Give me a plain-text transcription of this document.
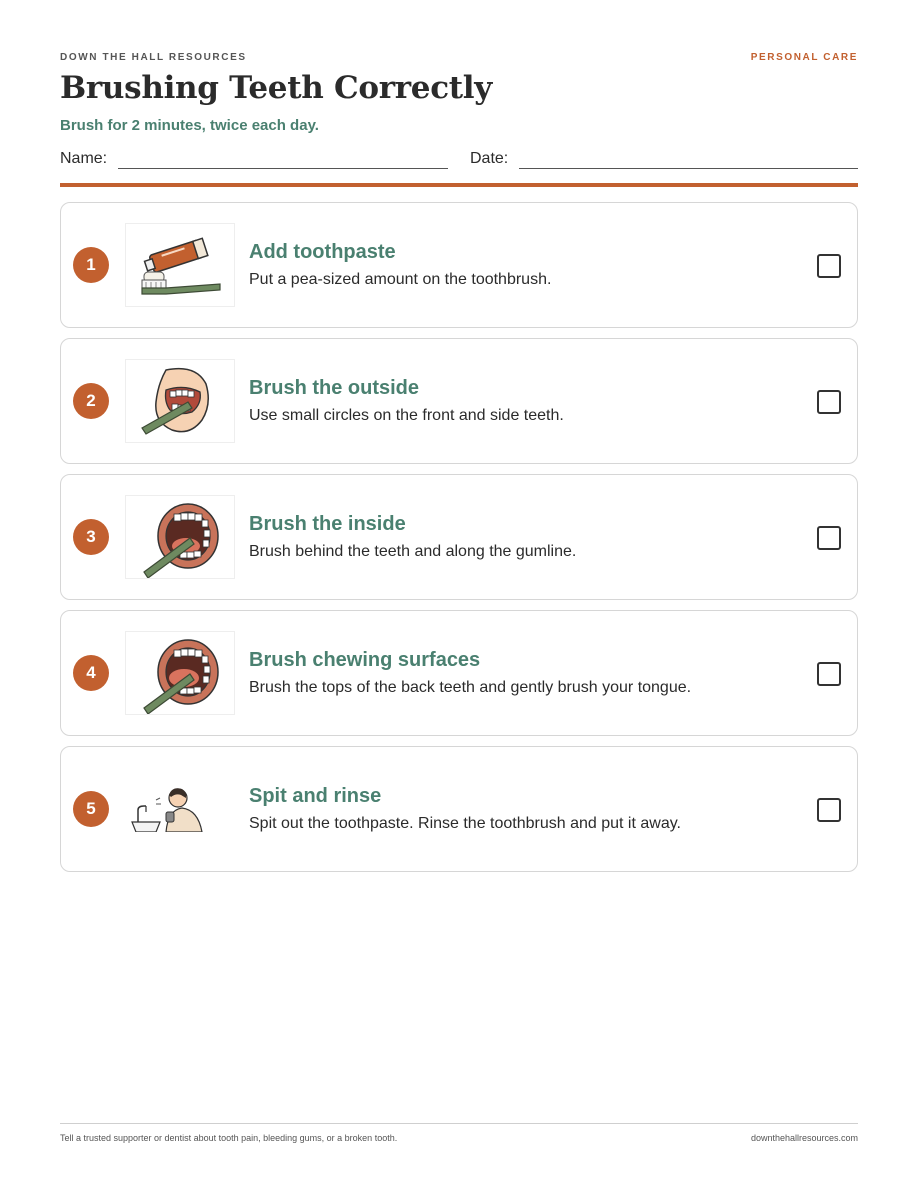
DOWN THE HALL RESOURCES	PERSONAL CARE
Brushing Teeth Correctly
Brush for 2 minutes, twice each day.
Name:	Date:
1
Add toothpaste
Put a pea-sized amount on the toothbrush.
2
Brush the outside
Use small circles on the front and side teeth.
3
Brush the inside
Brush behind the teeth and along the gumline.
4
Brush chewing surfaces
Brush the tops of the back teeth and gently brush your tongue.
5
Spit and rinse
Spit out the toothpaste. Rinse the toothbrush and put it away.
Tell a trusted supporter or dentist about tooth pain, bleeding gums, or a broken tooth.	downthehallresources.com
